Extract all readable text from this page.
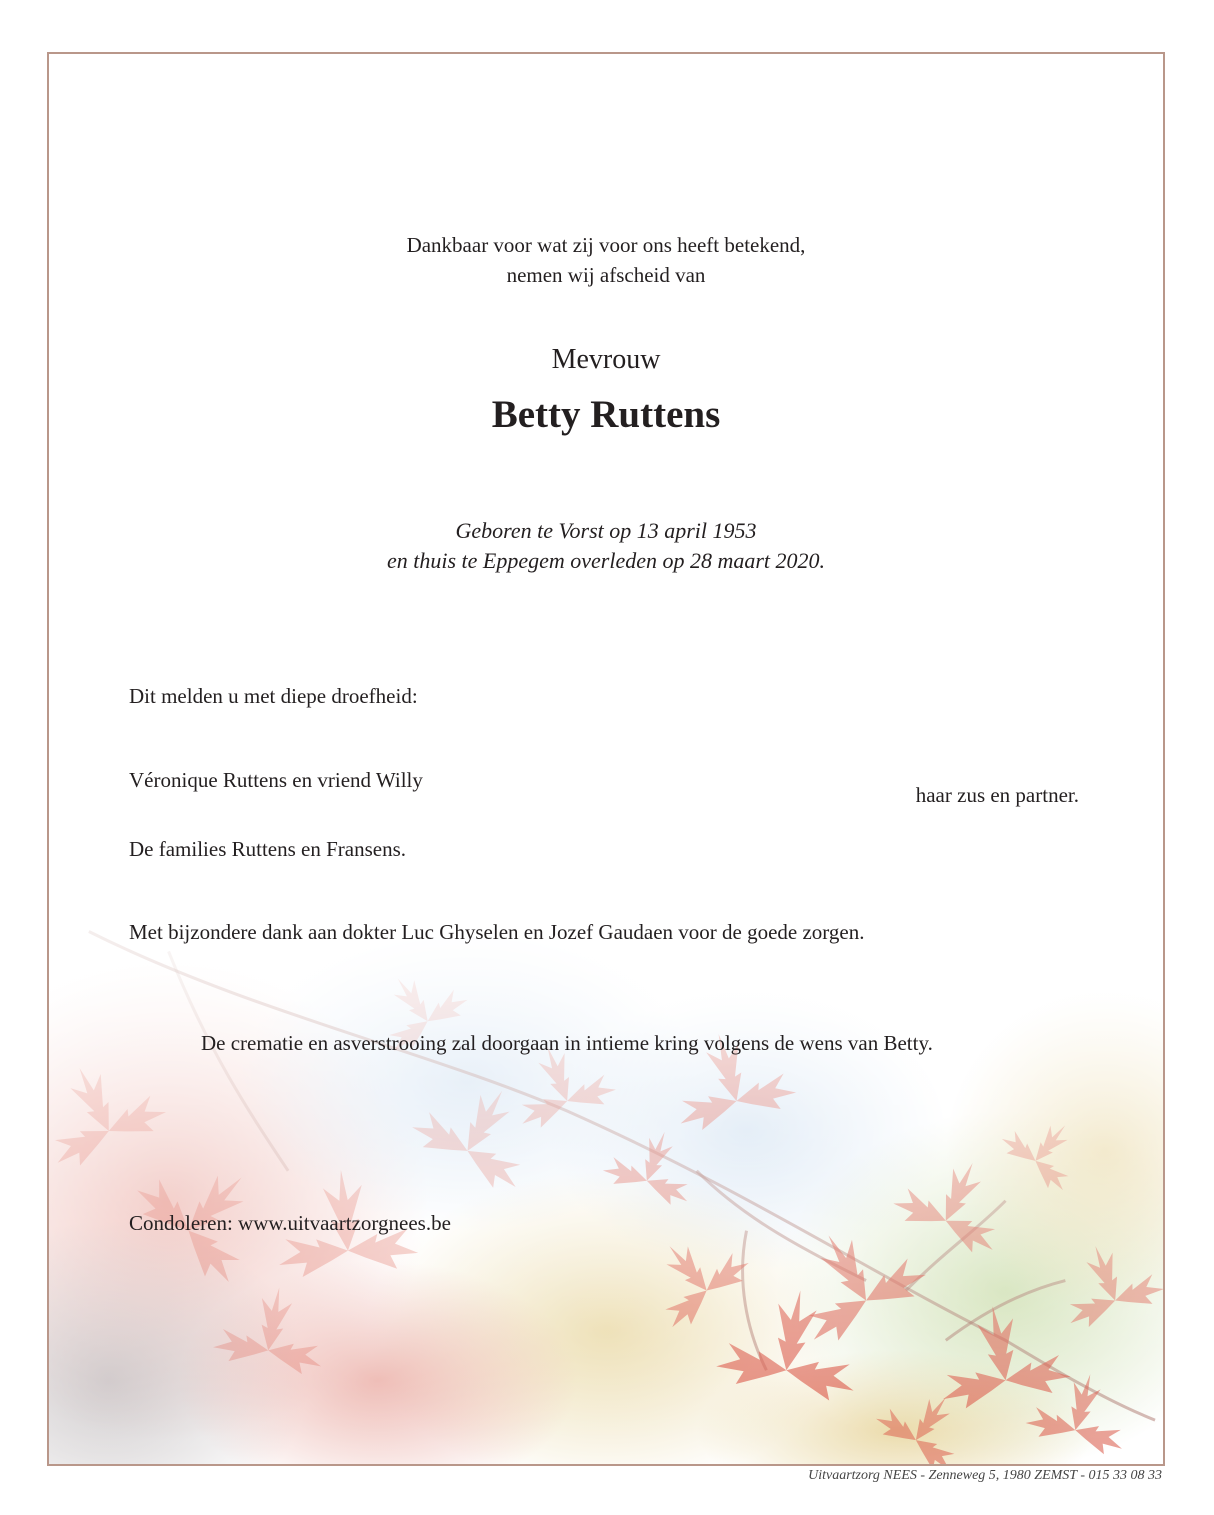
Dankbaar voor wat zij voor ons heeft betekend,
nemen wij afscheid van
Mevrouw
Betty Ruttens
Geboren te Vorst op 13 april 1953
en thuis te Eppegem overleden op 28 maart 2020.
Dit melden u met diepe droefheid:
Véronique Ruttens en vriend Willy
haar zus en partner.
De families Ruttens en Fransens.
Met bijzondere dank aan dokter Luc Ghyselen en Jozef Gaudaen voor de goede zorgen.
De crematie en asverstrooing zal doorgaan in intieme kring volgens de wens van Betty.
Condoleren: www.uitvaartzorgnees.be
Uitvaartzorg NEES - Zenneweg 5, 1980 ZEMST - 015 33 08 33
